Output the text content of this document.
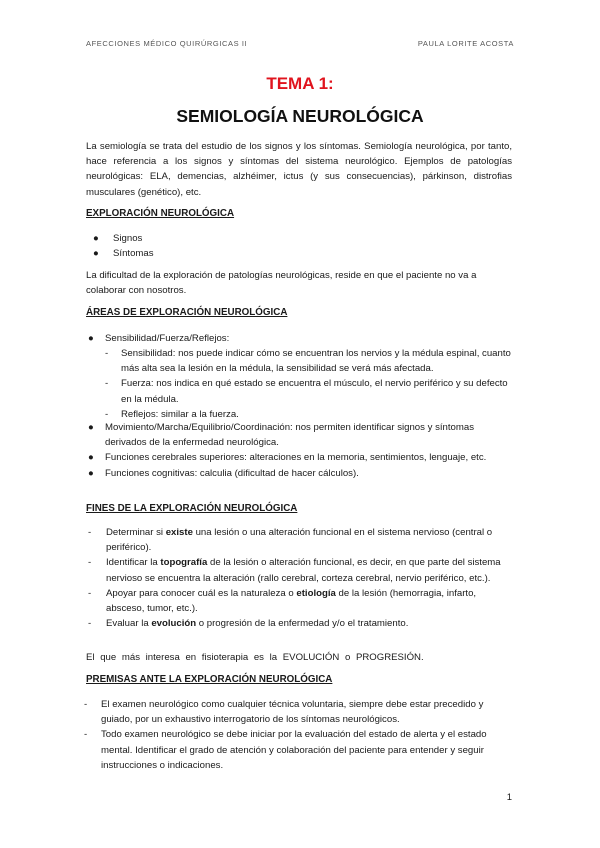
AFECCIONES MÉDICO QUIRÚRGICAS II	PAULA LORITE ACOSTA
TEMA 1:
SEMIOLOGÍA NEUROLÓGICA
La semiología se trata del estudio de los signos y los síntomas. Semiología neurológica, por tanto, hace referencia a los signos y síntomas del sistema neurológico. Ejemplos de patologías neurológicas: ELA, demencias, alzhéimer, ictus (y sus consecuencias), párkinson, distrofias musculares (genético), etc.
EXPLORACIÓN NEUROLÓGICA
● Signos
● Síntomas
La dificultad de la exploración de patologías neurológicas, reside en que el paciente no va a colaborar con nosotros.
ÁREAS DE EXPLORACIÓN NEUROLÓGICA
● Sensibilidad/Fuerza/Reflejos:
- Sensibilidad: nos puede indicar cómo se encuentran los nervios y la médula espinal, cuanto más alta sea la lesión en la médula, la sensibilidad se verá más afectada.
- Fuerza: nos indica en qué estado se encuentra el músculo, el nervio periférico y su defecto en la médula.
- Reflejos: similar a la fuerza.
● Movimiento/Marcha/Equilibrio/Coordinación: nos permiten identificar signos y síntomas derivados de la enfermedad neurológica.
● Funciones cerebrales superiores: alteraciones en la memoria, sentimientos, lenguaje, etc.
● Funciones cognitivas: calculia (dificultad de hacer cálculos).
FINES DE LA EXPLORACIÓN NEUROLÓGICA
- Determinar si existe una lesión o una alteración funcional en el sistema nervioso (central o periférico).
- Identificar la topografía de la lesión o alteración funcional, es decir, en que parte del sistema nervioso se encuentra la alteración (rallo cerebral, corteza cerebral, nervio periférico, etc.).
- Apoyar para conocer cuál es la naturaleza o etiología de la lesión (hemorragia, infarto, absceso, tumor, etc.).
- Evaluar la evolución o progresión de la enfermedad y/o el tratamiento.
El que más interesa en fisioterapia es la EVOLUCIÓN o PROGRESIÓN.
PREMISAS ANTE LA EXPLORACIÓN NEUROLÓGICA
- El examen neurológico como cualquier técnica voluntaria, siempre debe estar precedido y guiado, por un exhaustivo interrogatorio de los síntomas neurológicos.
- Todo examen neurológico se debe iniciar por la evaluación del estado de alerta y el estado mental. Identificar el grado de atención y colaboración del paciente para entender y seguir instrucciones o indicaciones.
1
